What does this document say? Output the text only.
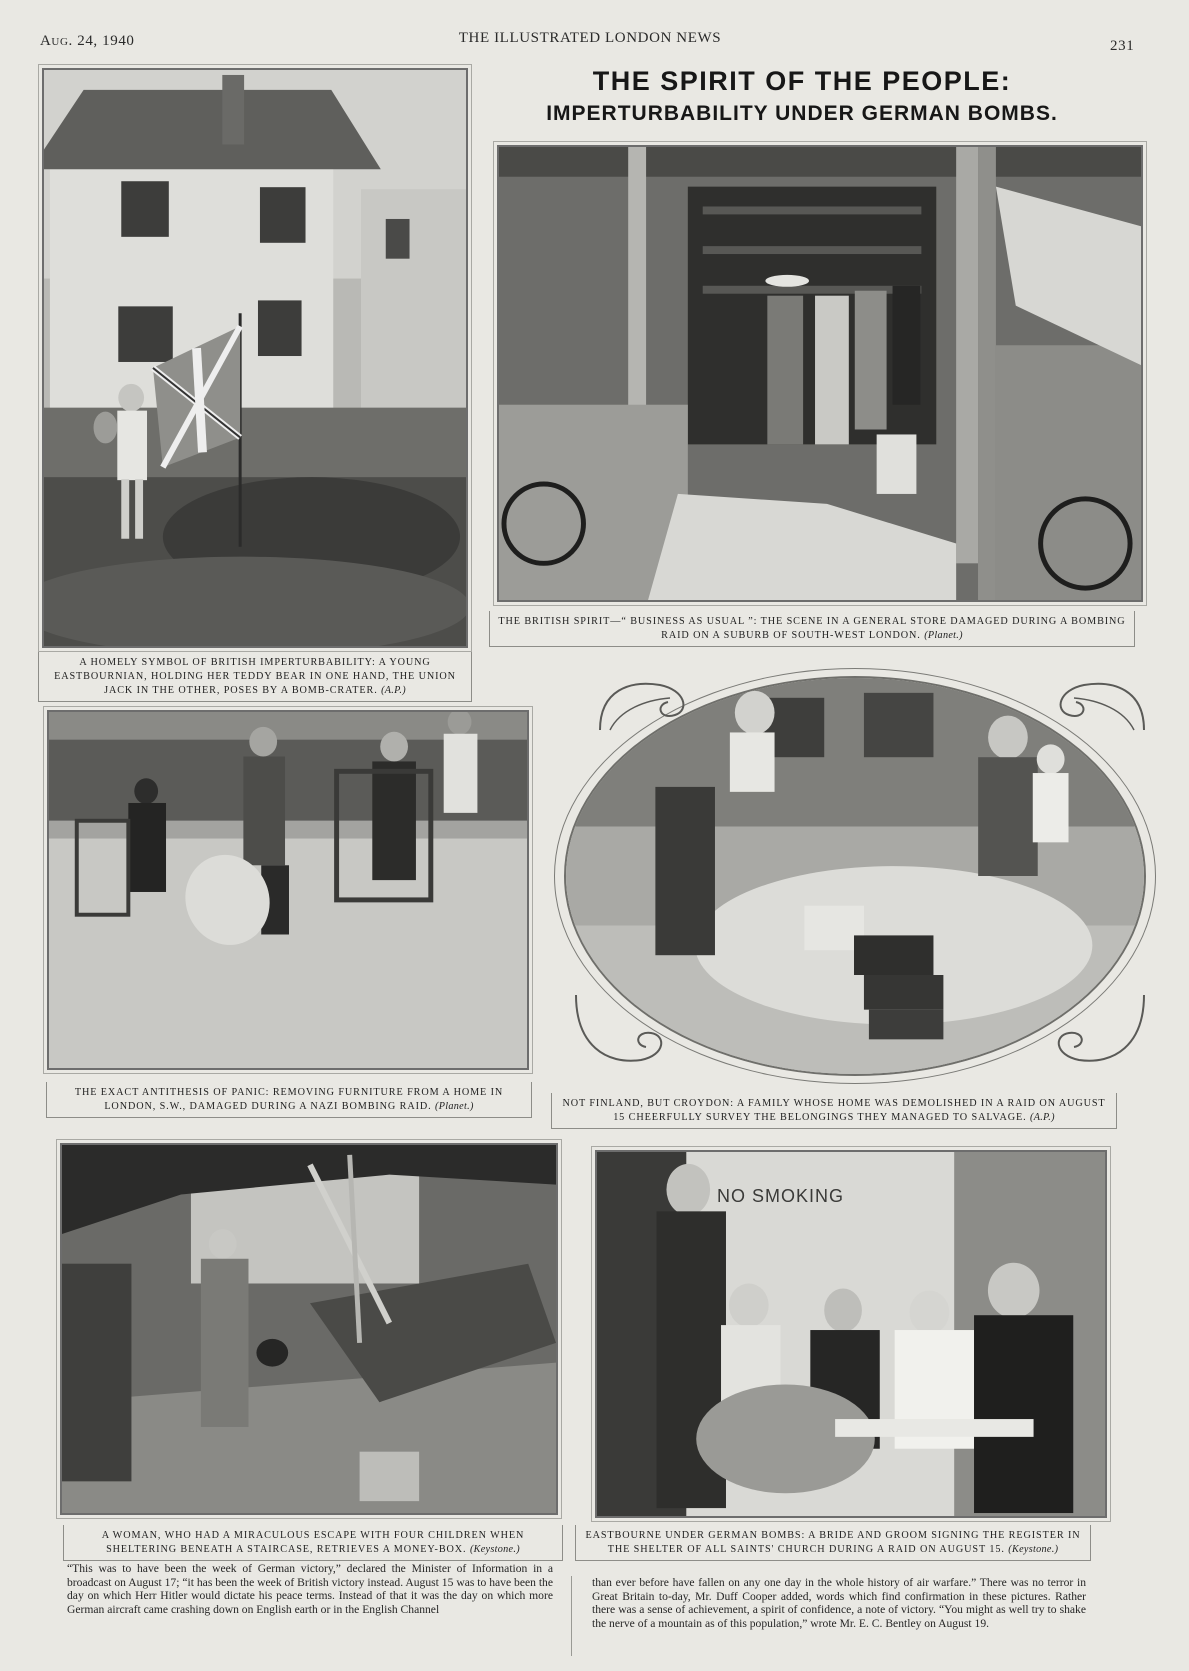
Aug. 24, 1940	THE ILLUSTRATED LONDON NEWS	231
THE SPIRIT OF THE PEOPLE:
IMPERTURBABILITY UNDER GERMAN BOMBS.
A HOMELY SYMBOL OF BRITISH IMPERTURBABILITY: A YOUNG EASTBOURNIAN, HOLDING HER TEDDY BEAR IN ONE HAND, THE UNION JACK IN THE OTHER, POSES BY A BOMB-CRATER. (A.P.)
THE BRITISH SPIRIT—“ BUSINESS AS USUAL ”: THE SCENE IN A GENERAL STORE DAMAGED DURING A BOMBING RAID ON A SUBURB OF SOUTH-WEST LONDON. (Planet.)
THE EXACT ANTITHESIS OF PANIC: REMOVING FURNITURE FROM A HOME IN LONDON, S.W., DAMAGED DURING A NAZI BOMBING RAID. (Planet.)	NOT FINLAND, BUT CROYDON: A FAMILY WHOSE HOME WAS DEMOLISHED IN A RAID ON AUGUST 15 CHEERFULLY SURVEY THE BELONGINGS THEY MANAGED TO SALVAGE. (A.P.)
A WOMAN, WHO HAD A MIRACULOUS ESCAPE WITH FOUR CHILDREN WHEN SHELTERING BENEATH A STAIRCASE, RETRIEVES A MONEY-BOX. (Keystone.)
NO SMOKING
EASTBOURNE UNDER GERMAN BOMBS: A BRIDE AND GROOM SIGNING THE REGISTER IN THE SHELTER OF ALL SAINTS' CHURCH DURING A RAID ON AUGUST 15. (Keystone.)
“This was to have been the week of German victory,” declared the Minister of Information in a broadcast on August 17; “it has been the week of British victory instead. August 15 was to have been the day on which Herr Hitler would dictate his peace terms. Instead of that it was the day on which more German aircraft came crashing down on English earth or in the English Channel
than ever before have fallen on any one day in the whole history of air warfare.” There was no terror in Great Britain to-day, Mr. Duff Cooper added, words which find confirmation in these pictures. Rather there was a sense of achievement, a spirit of confidence, a note of victory. “You might as well try to shake the nerve of a mountain as of this population,” wrote Mr. E. C. Bentley on August 19.
